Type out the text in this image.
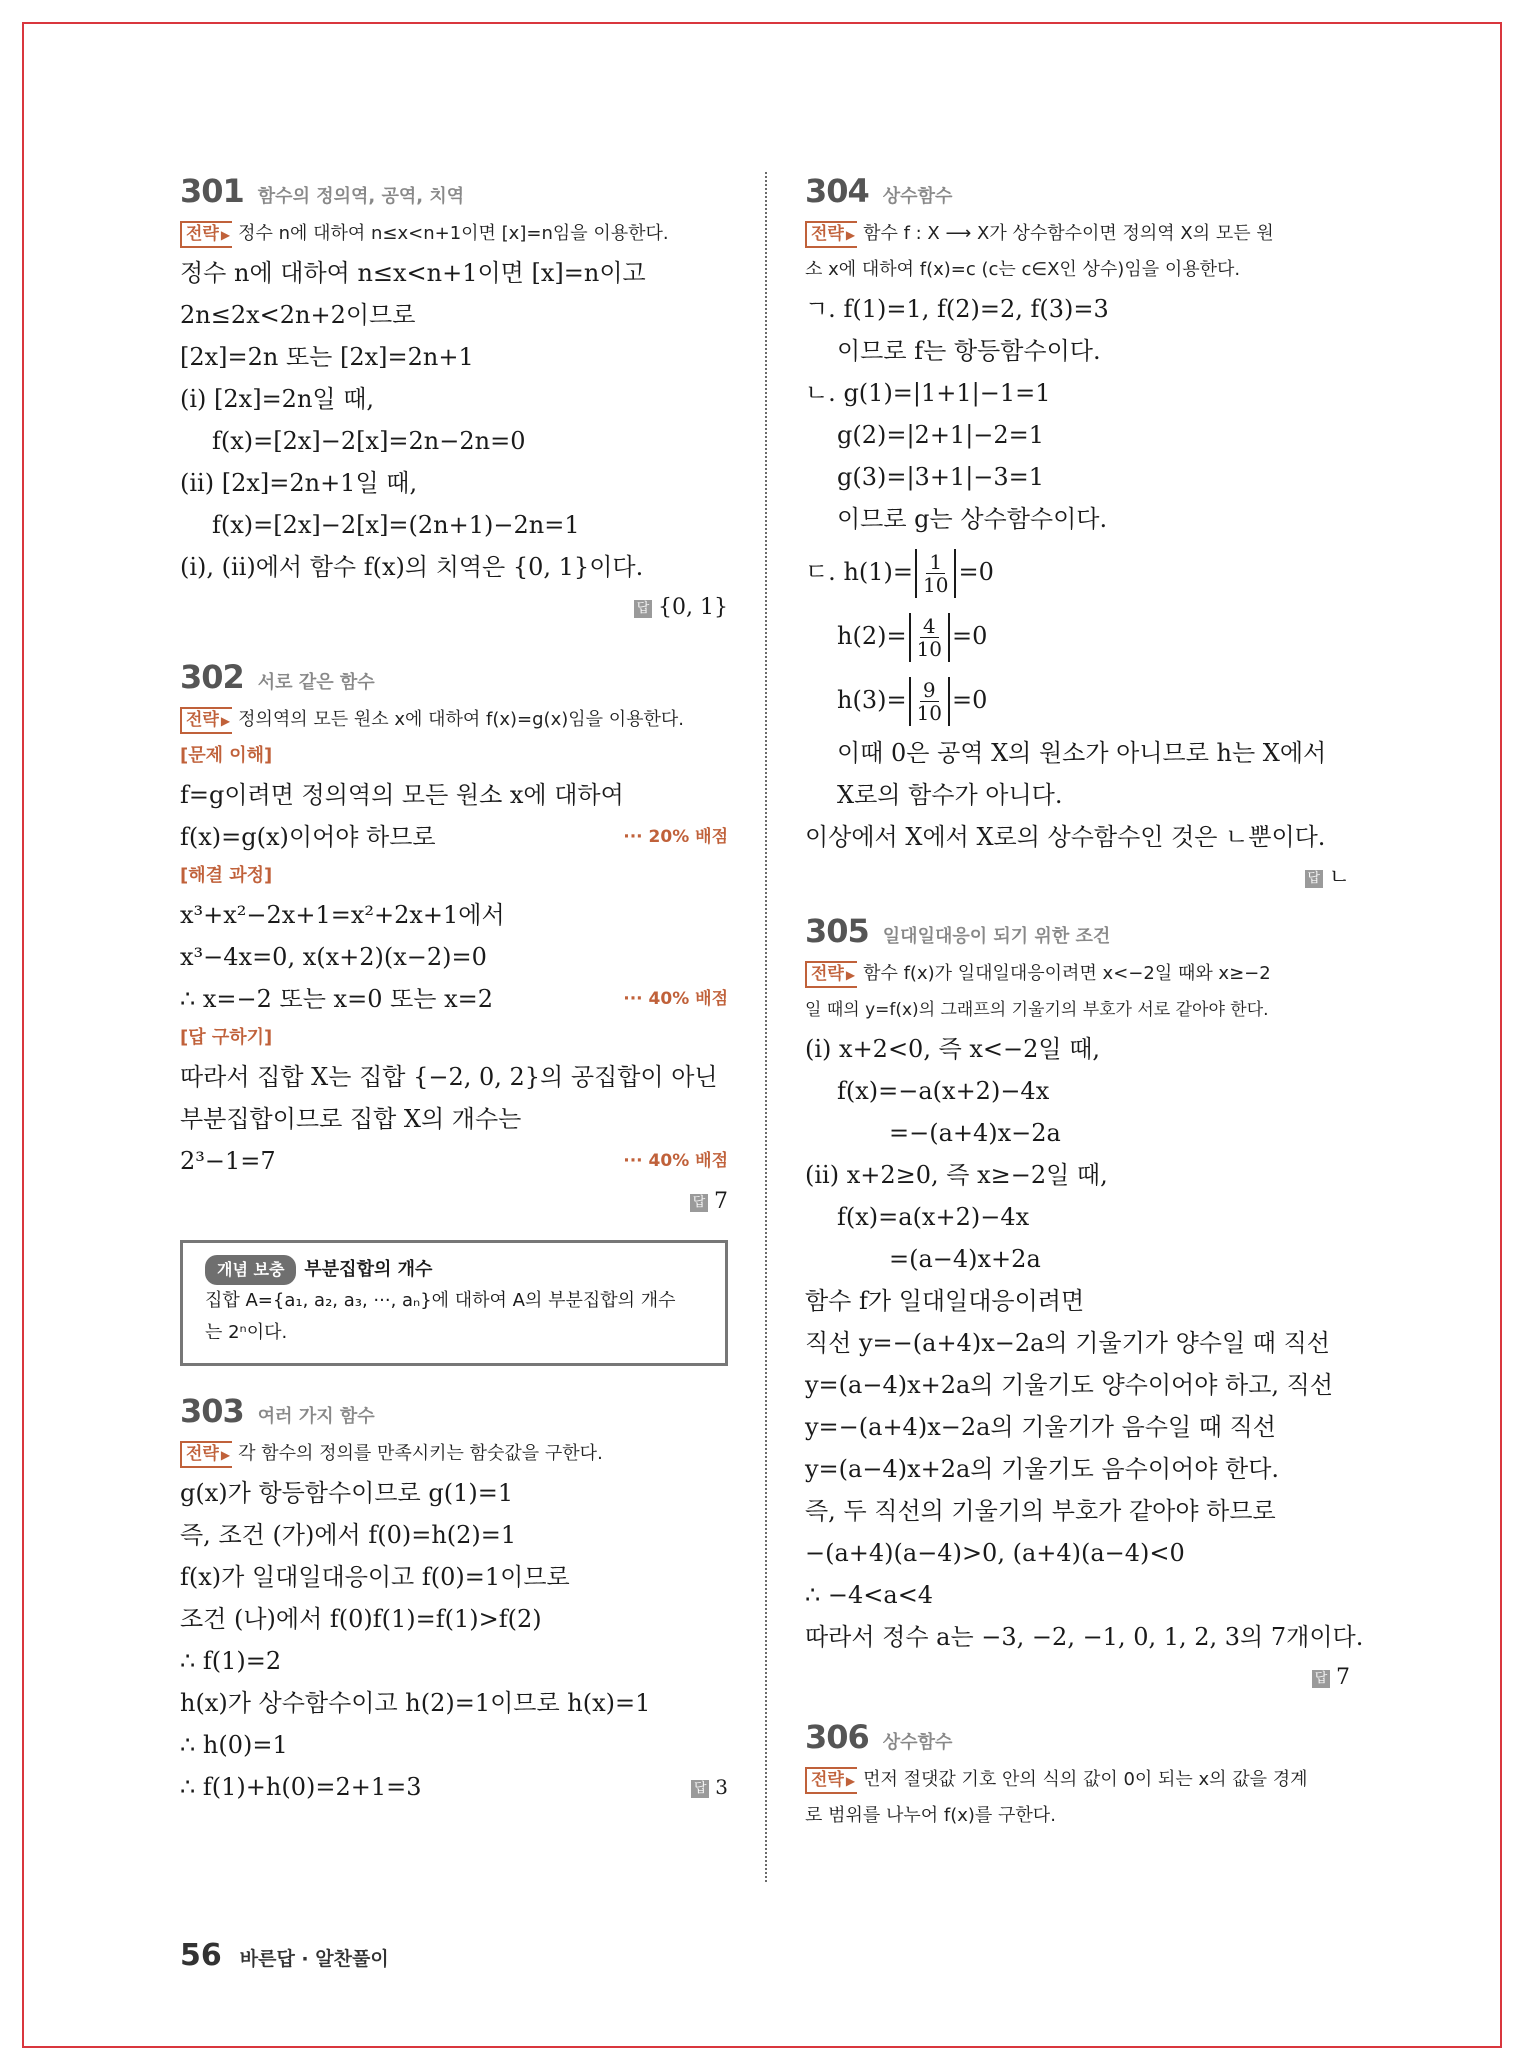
301 함수의 정의역, 공역, 치역
전략 ▶ 정수 n에 대하여 n≤x<n+1이면 [x]=n임을 이용한다.
정수 n에 대하여 n≤x<n+1이면 [x]=n이고
2n≤2x<2n+2이므로
[2x]=2n 또는 [2x]=2n+1
(i) [2x]=2n일 때,
f(x)=[2x]−2[x]=2n−2n=0
(ii) [2x]=2n+1일 때,
f(x)=[2x]−2[x]=(2n+1)−2n=1
(i), (ii)에서 함수 f(x)의 치역은 {0, 1}이다.
답 {0, 1}
302 서로 같은 함수
전략 ▶ 정의역의 모든 원소 x에 대하여 f(x)=g(x)임을 이용한다.
[문제 이해]
f=g이려면 정의역의 모든 원소 x에 대하여
f(x)=g(x)이어야 하므로	··· 20% 배점
[해결 과정]
x³+x²−2x+1=x²+2x+1에서
x³−4x=0, x(x+2)(x−2)=0
∴ x=−2 또는 x=0 또는 x=2	··· 40% 배점
[답 구하기]
따라서 집합 X는 집합 {−2, 0, 2}의 공집합이 아닌
부분집합이므로 집합 X의 개수는
2³−1=7	··· 40% 배점
답 7
개념 보충 부분집합의 개수
집합 A={a₁, a₂, a₃, ···, aₙ}에 대하여 A의 부분집합의 개수
는 2ⁿ이다.
303 여러 가지 함수
전략 ▶ 각 함수의 정의를 만족시키는 함숫값을 구한다.
g(x)가 항등함수이므로 g(1)=1
즉, 조건 (가)에서 f(0)=h(2)=1
f(x)가 일대일대응이고 f(0)=1이므로
조건 (나)에서 f(0)f(1)=f(1)>f(2)
∴ f(1)=2
h(x)가 상수함수이고 h(2)=1이므로 h(x)=1
∴ h(0)=1
∴ f(1)+h(0)=2+1=3	답 3
304 상수함수
전략 ▶ 함수 f : X ⟶ X가 상수함수이면 정의역 X의 모든 원
소 x에 대하여 f(x)=c (c는 c∈X인 상수)임을 이용한다.
ㄱ. f(1)=1, f(2)=2, f(3)=3
이므로 f는 항등함수이다.
ㄴ. g(1)=|1+1|−1=1
g(2)=|2+1|−2=1
g(3)=|3+1|−3=1
이므로 g는 상수함수이다.
ㄷ. $h(1)= \frac{1}{10} =0$
$h(2)= \frac{4}{10} =0$
$h(3)= \frac{9}{10} =0$
이때 0은 공역 X의 원소가 아니므로 h는 X에서
X로의 함수가 아니다.
이상에서 X에서 X로의 상수함수인 것은 ㄴ뿐이다.
답 ㄴ
305 일대일대응이 되기 위한 조건
전략 ▶ 함수 f(x)가 일대일대응이려면 x<−2일 때와 x≥−2
일 때의 y=f(x)의 그래프의 기울기의 부호가 서로 같아야 한다.
(i) x+2<0, 즉 x<−2일 때,
f(x)=−a(x+2)−4x
=−(a+4)x−2a
(ii) x+2≥0, 즉 x≥−2일 때,
f(x)=a(x+2)−4x
=(a−4)x+2a
함수 f가 일대일대응이려면
직선 y=−(a+4)x−2a의 기울기가 양수일 때 직선
y=(a−4)x+2a의 기울기도 양수이어야 하고, 직선
y=−(a+4)x−2a의 기울기가 음수일 때 직선
y=(a−4)x+2a의 기울기도 음수이어야 한다.
즉, 두 직선의 기울기의 부호가 같아야 하므로
−(a+4)(a−4)>0, (a+4)(a−4)<0
∴ −4<a<4
따라서 정수 a는 −3, −2, −1, 0, 1, 2, 3의 7개이다.
답 7
306 상수함수
전략 ▶ 먼저 절댓값 기호 안의 식의 값이 0이 되는 x의 값을 경계
로 범위를 나누어 f(x)를 구한다.
56 바른답 · 알찬풀이
